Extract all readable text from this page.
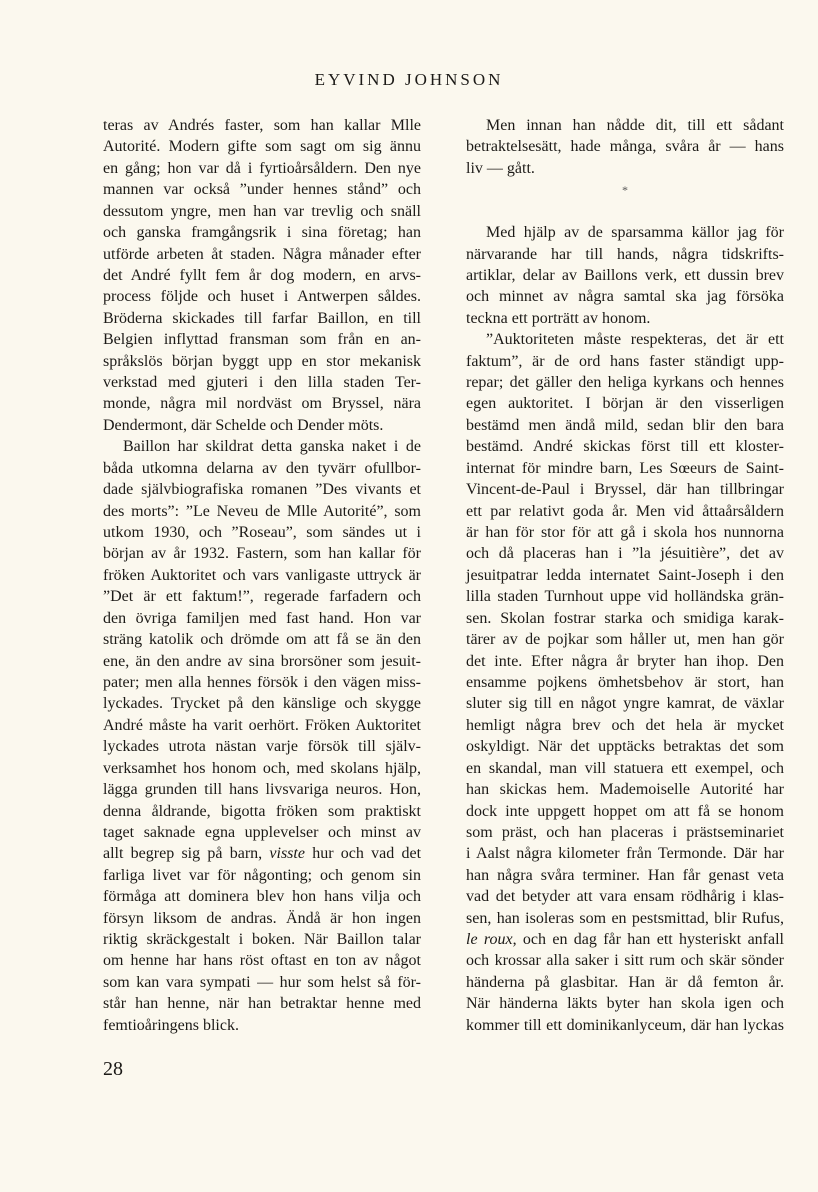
EYVIND JOHNSON
teras av Andrés faster, som han kallar Mlle
Autorité. Modern gifte som sagt om sig ännu
en gång; hon var då i fyrtioårsåldern. Den nye
mannen var också ”under hennes stånd” och
dessutom yngre, men han var trevlig och snäll
och ganska framgångsrik i sina företag; han
utförde arbeten åt staden. Några månader efter
det André fyllt fem år dog modern, en arvs-
process följde och huset i Antwerpen såldes.
Bröderna skickades till farfar Baillon, en till
Belgien inflyttad fransman som från en an-
språkslös början byggt upp en stor mekanisk
verkstad med gjuteri i den lilla staden Ter-
monde, några mil nordväst om Bryssel, nära
Dendermont, där Schelde och Dender möts.
Baillon har skildrat detta ganska naket i de
båda utkomna delarna av den tyvärr ofullbor-
dade självbiografiska romanen ”Des vivants et
des morts”: ”Le Neveu de Mlle Autorité”, som
utkom 1930, och ”Roseau”, som sändes ut i
början av år 1932. Fastern, som han kallar för
fröken Auktoritet och vars vanligaste uttryck är
”Det är ett faktum!”, regerade farfadern och
den övriga familjen med fast hand. Hon var
sträng katolik och drömde om att få se än den
ene, än den andre av sina brorsöner som jesuit-
pater; men alla hennes försök i den vägen miss-
lyckades. Trycket på den känslige och skygge
André måste ha varit oerhört. Fröken Auktoritet
lyckades utrota nästan varje försök till själv-
verksamhet hos honom och, med skolans hjälp,
lägga grunden till hans livsvariga neuros. Hon,
denna åldrande, bigotta fröken som praktiskt
taget saknade egna upplevelser och minst av
allt begrep sig på barn, visste hur och vad det
farliga livet var för någonting; och genom sin
förmåga att dominera blev hon hans vilja och
försyn liksom de andras. Ändå är hon ingen
riktig skräckgestalt i boken. När Baillon talar
om henne har hans röst oftast en ton av något
som kan vara sympati — hur som helst så för-
står han henne, när han betraktar henne med
femtioåringens blick.
Men innan han nådde dit, till ett sådant
betraktelsesätt, hade många, svåra år — hans
liv — gått.
*
Med hjälp av de sparsamma källor jag för
närvarande har till hands, några tidskrifts-
artiklar, delar av Baillons verk, ett dussin brev
och minnet av några samtal ska jag försöka
teckna ett porträtt av honom.
”Auktoriteten måste respekteras, det är ett
faktum”, är de ord hans faster ständigt upp-
repar; det gäller den heliga kyrkans och hennes
egen auktoritet. I början är den visserligen
bestämd men ändå mild, sedan blir den bara
bestämd. André skickas först till ett kloster-
internat för mindre barn, Les Sœeurs de Saint-
Vincent-de-Paul i Bryssel, där han tillbringar
ett par relativt goda år. Men vid åttaårsåldern
är han för stor för att gå i skola hos nunnorna
och då placeras han i ”la jésuitière”, det av
jesuitpatrar ledda internatet Saint-Joseph i den
lilla staden Turnhout uppe vid holländska grän-
sen. Skolan fostrar starka och smidiga karak-
tärer av de pojkar som håller ut, men han gör
det inte. Efter några år bryter han ihop. Den
ensamme pojkens ömhetsbehov är stort, han
sluter sig till en något yngre kamrat, de växlar
hemligt några brev och det hela är mycket
oskyldigt. När det upptäcks betraktas det som
en skandal, man vill statuera ett exempel, och
han skickas hem. Mademoiselle Autorité har
dock inte uppgett hoppet om att få se honom
som präst, och han placeras i prästseminariet
i Aalst några kilometer från Termonde. Där har
han några svåra terminer. Han får genast veta
vad det betyder att vara ensam rödhårig i klas-
sen, han isoleras som en pestsmittad, blir Rufus,
le roux, och en dag får han ett hysteriskt anfall
och krossar alla saker i sitt rum och skär sönder
händerna på glasbitar. Han är då femton år.
När händerna läkts byter han skola igen och
kommer till ett dominikanlyceum, där han lyckas
28
